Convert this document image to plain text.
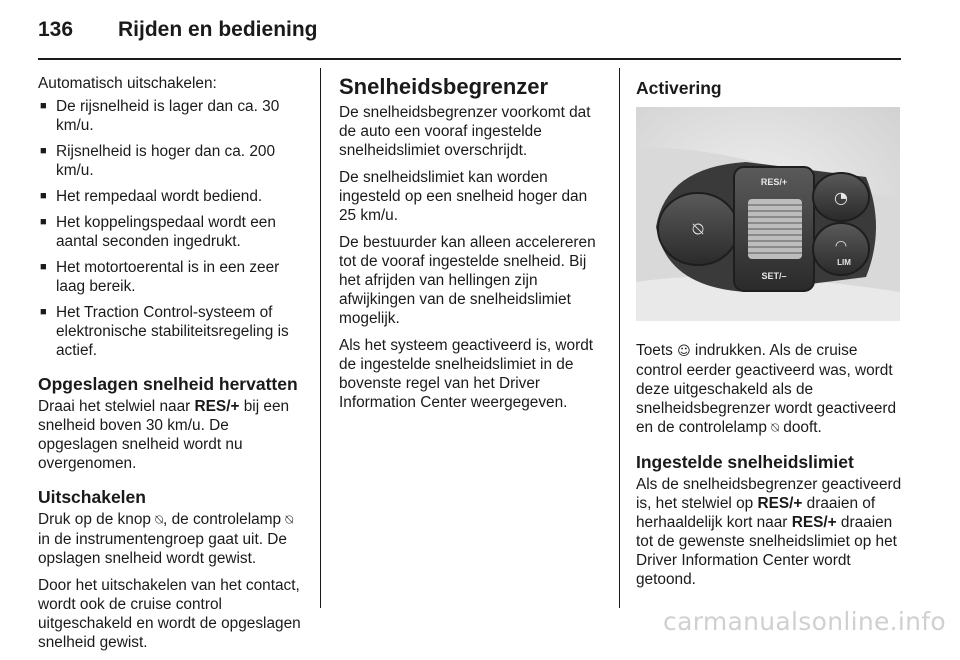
136 Rijden en bediening

Automatisch uitschakelen:

■ De rijsnelheid is lager dan ca. 30 km/u.
■ Rijsnelheid is hoger dan ca. 200 km/u.
■ Het rempedaal wordt bediend.
■ Het koppelingspedaal wordt een aantal seconden ingedrukt.
■ Het motortoerental is in een zeer laag bereik.
■ Het Traction Control-systeem of elektronische stabiliteitsregeling is actief.
Opgeslagen snelheid hervatten

Draai het stelwiel naar RES/+ bij een snelheid boven 30 km/u. De opgeslagen snelheid wordt nu overgenomen.

Uitschakelen

Druk op de knop ⍉, de controlelamp ⍉ in de instrumentengroep gaat uit. De opslagen snelheid wordt gewist.

Door het uitschakelen van het contact, wordt ook de cruise control uitgeschakeld en wordt de opgeslagen snelheid gewist.

Snelheidsbegrenzer

De snelheidsbegrenzer voorkomt dat de auto een vooraf ingestelde snelheidslimiet overschrijdt.

De snelheidslimiet kan worden ingesteld op een snelheid hoger dan 25 km/u.

De bestuurder kan alleen accelereren tot de vooraf ingestelde snelheid. Bij het afrijden van hellingen zijn afwijkingen van de snelheidslimiet mogelijk.

Als het systeem geactiveerd is, wordt de ingestelde snelheidslimiet in de bovenste regel van het Driver Information Center weergegeven.

Activering
⍉
RES/+
SET/–
◔
◠
LIM

Toets ☺ indrukken. Als de cruise control eerder geactiveerd was, wordt deze uitgeschakeld als de snelheidsbegrenzer wordt geactiveerd en de controlelamp ⍉ dooft.

Ingestelde snelheidslimiet

Als de snelheidsbegrenzer geactiveerd is, het stelwiel op RES/+ draaien of herhaaldelijk kort naar RES/+ draaien tot de gewenste snelheidslimiet op het Driver Information Center wordt getoond.

carmanualsonline.info
